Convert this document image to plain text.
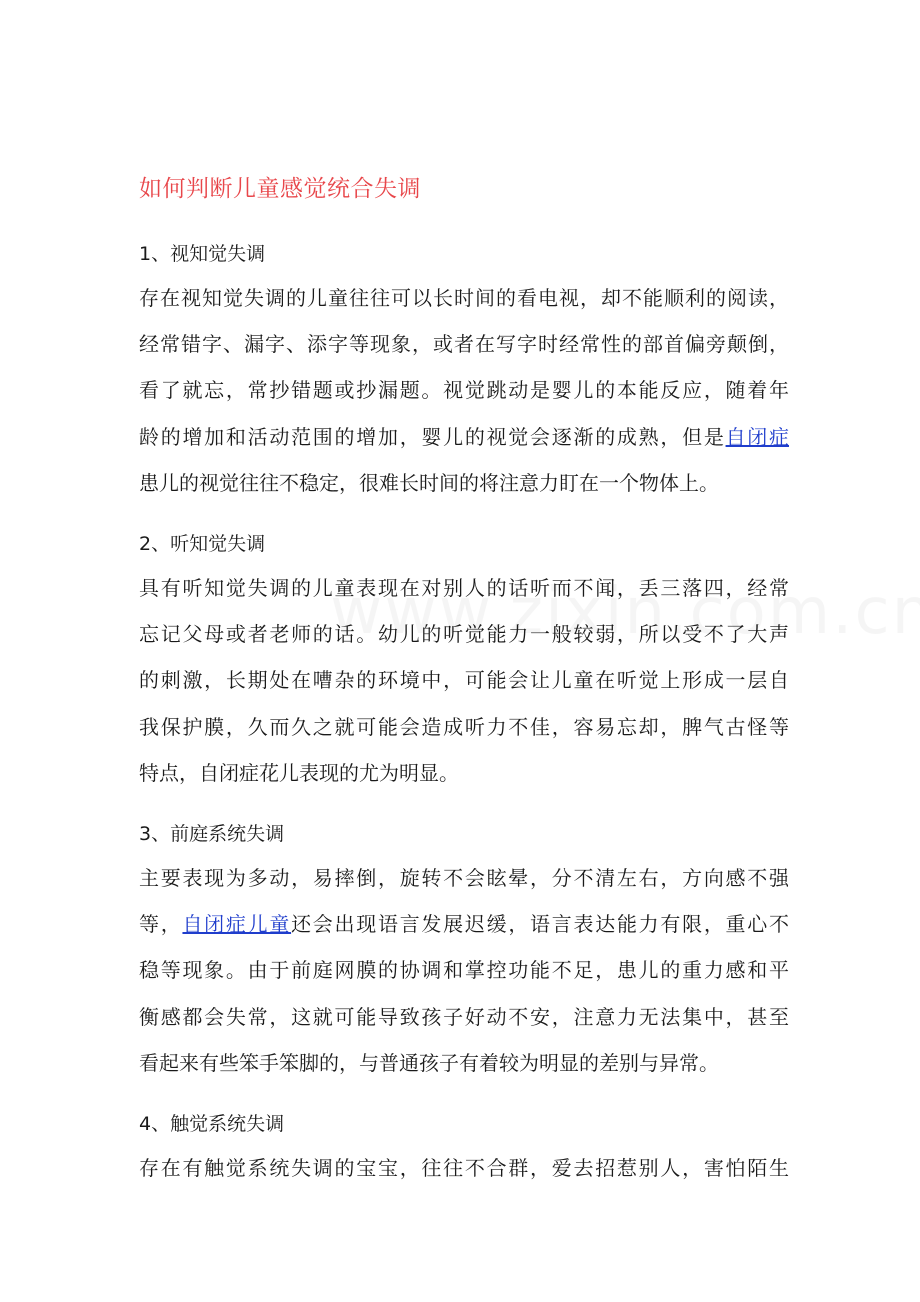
如何判断儿童感觉统合失调
1、视知觉失调
存在视知觉失调的儿童往往可以长时间的看电视，却不能顺利的阅读，
经常错字、漏字、添字等现象，或者在写字时经常性的部首偏旁颠倒，
看了就忘，常抄错题或抄漏题。视觉跳动是婴儿的本能反应，随着年
龄的增加和活动范围的增加，婴儿的视觉会逐渐的成熟，但是自闭症
患儿的视觉往往不稳定，很难长时间的将注意力盯在一个物体上。
2、听知觉失调
具有听知觉失调的儿童表现在对别人的话听而不闻，丢三落四，经常
忘记父母或者老师的话。幼儿的听觉能力一般较弱，所以受不了大声
的刺激，长期处在嘈杂的环境中，可能会让儿童在听觉上形成一层自
我保护膜，久而久之就可能会造成听力不佳，容易忘却，脾气古怪等
特点，自闭症花儿表现的尤为明显。
3、前庭系统失调
主要表现为多动，易摔倒，旋转不会眩晕，分不清左右，方向感不强
等，自闭症儿童还会出现语言发展迟缓，语言表达能力有限，重心不
稳等现象。由于前庭网膜的协调和掌控功能不足，患儿的重力感和平
衡感都会失常，这就可能导致孩子好动不安，注意力无法集中，甚至
看起来有些笨手笨脚的，与普通孩子有着较为明显的差别与异常。
4、触觉系统失调
存在有触觉系统失调的宝宝，往往不合群，爱去招惹别人，害怕陌生
